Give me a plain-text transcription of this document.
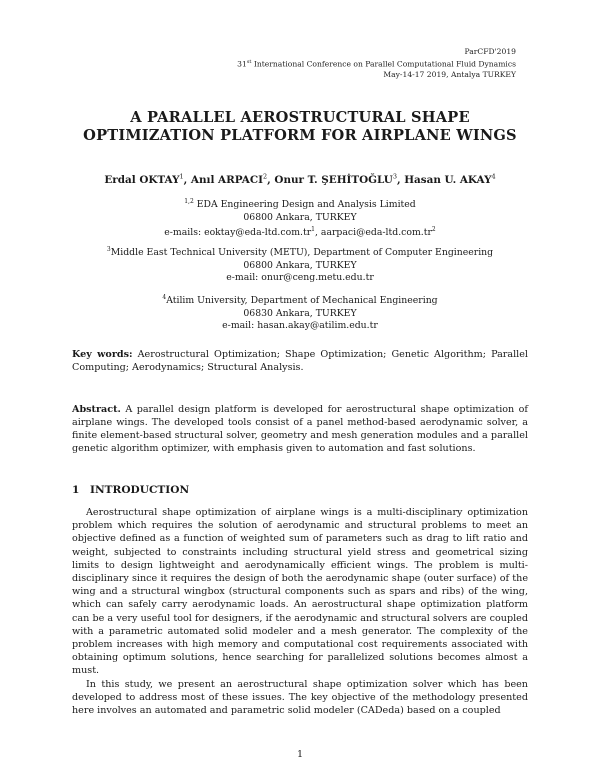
ParCFD'2019
31st International Conference on Parallel Computational Fluid Dynamics
May-14-17 2019, Antalya TURKEY
A PARALLEL AEROSTRUCTURAL SHAPE
OPTIMIZATION PLATFORM FOR AIRPLANE WINGS
Erdal OKTAY$^1$, Anıl ARPACI$^2$, Onur T. ŞEHİTOĞLU$^3$, Hasan U. AKAY$^4$
$^{1,2}$ EDA Engineering Design and Analysis Limited
06800 Ankara, TURKEY
e-mails: $eoktay@eda-ltd.com.tr^1$, $aarpaci@eda-ltd.com.tr^2$
$^3$Middle East Technical University (METU), Department of Computer Engineering
06800 Ankara, TURKEY
e-mail: onur@ceng.metu.edu.tr
$^4$Atilim University, Department of Mechanical Engineering
06830 Ankara, TURKEY
e-mail: hasan.akay@atilim.edu.tr
Key words: Aerostructural Optimization; Shape Optimization; Genetic Algorithm; Parallel Computing; Aerodynamics; Structural Analysis.
Abstract. A parallel design platform is developed for aerostructural shape optimization of airplane wings. The developed tools consist of a panel method-based aerodynamic solver, a finite element-based structural solver, geometry and mesh generation modules and a parallel genetic algorithm optimizer, with emphasis given to automation and fast solutions.
1 INTRODUCTION

Aerostructural shape optimization of airplane wings is a multi-disciplinary optimization problem which requires the solution of aerodynamic and structural problems to meet an objective defined as a function of weighted sum of parameters such as drag to lift ratio and weight, subjected to constraints including structural yield stress and geometrical sizing limits to design lightweight and aerodynamically efficient wings. The problem is multi-disciplinary since it requires the design of both the aerodynamic shape (outer surface) of the wing and a structural wingbox (structural components such as spars and ribs) of the wing, which can safely carry aerodynamic loads. An aerostructural shape optimization platform can be a very useful tool for designers, if the aerodynamic and structural solvers are coupled with a parametric automated solid modeler and a mesh generator. The complexity of the problem increases with high memory and computational cost requirements associated with obtaining optimum solutions, hence searching for parallelized solutions becomes almost a must.

In this study, we present an aerostructural shape optimization solver which has been developed to address most of these issues. The key objective of the methodology presented here involves an automated and parametric solid modeler (CADeda) based on a coupled

1
